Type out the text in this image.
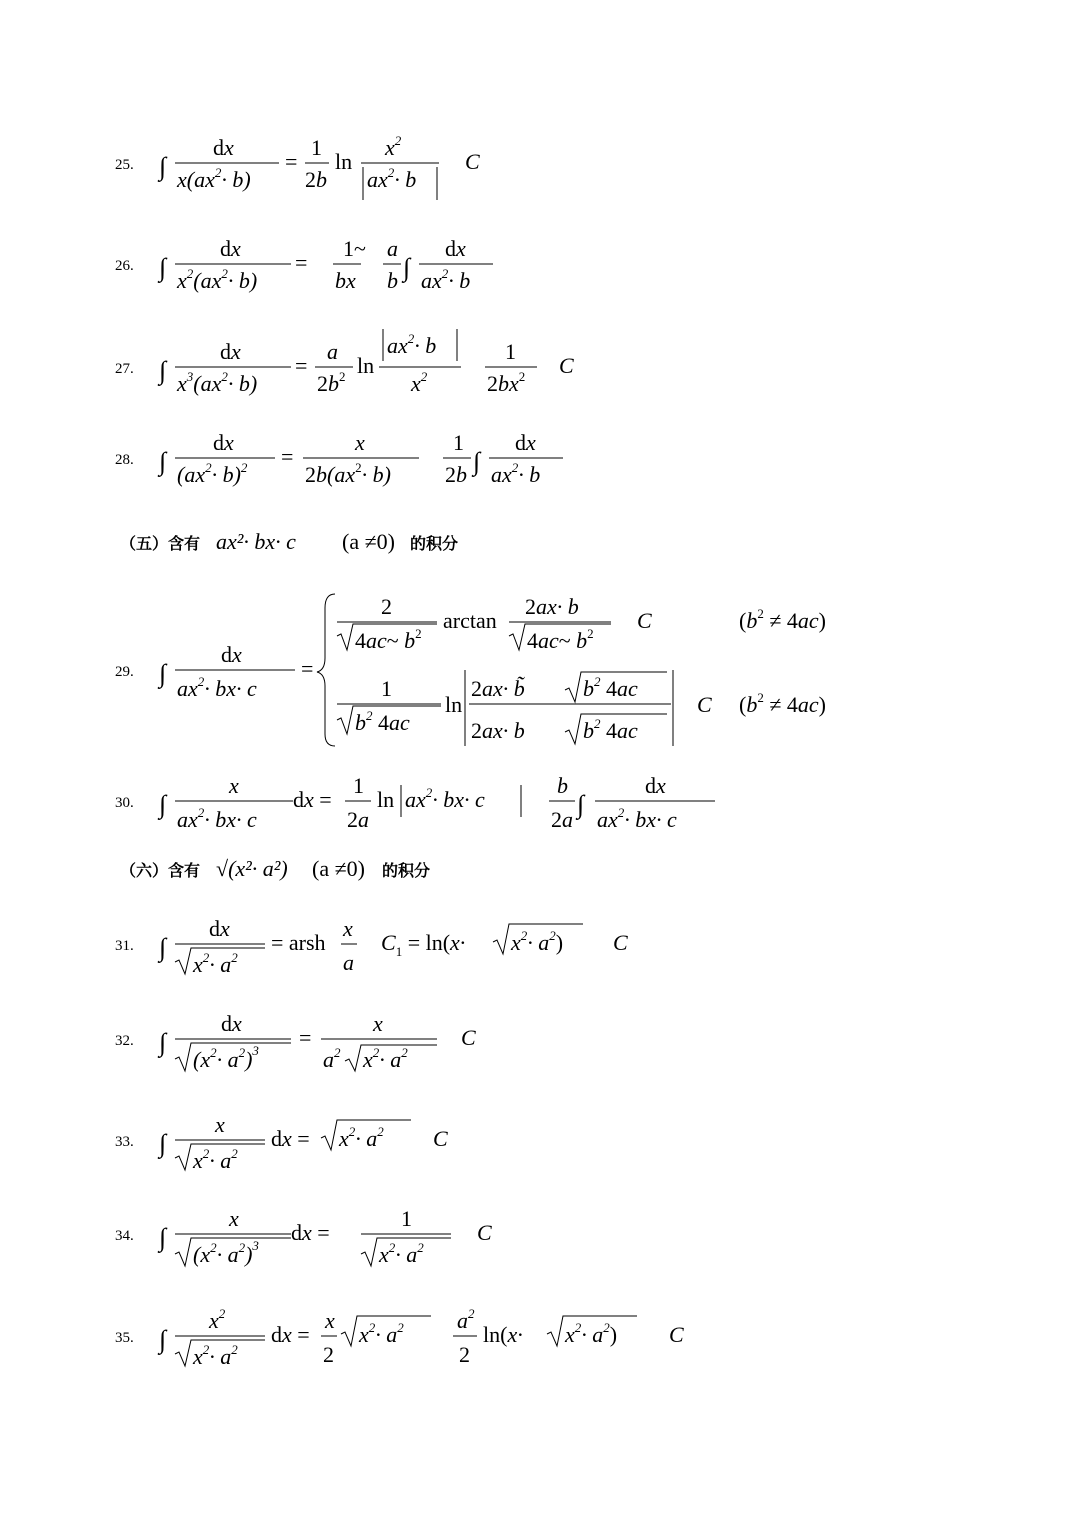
25. ∫
dx
$x(ax^2\cdot b)$
=
1
2b
ln
$x^2$
$ax^2\cdot b$
C
26. ∫
dx
$x^2(ax^2\cdot b)$
=
1~
bx
a
b ∫
dx
$ax^2\cdot b$
27. ∫
dx
$x^3(ax^2\cdot b)$
=
a
$2b^2$ ln
$ax^2\cdot b$
$x^2$
1
$2bx^2$ C
28. ∫
dx
$(ax^2\cdot b)^2$ =
x
$2b(ax^2\cdot b)$
1
2b ∫
dx
$ax^2\cdot b$
（五）含有 ax²· bx· c (a ≠0) 的积分
29. ∫
dx
$ax^2\cdot bx\cdot c$
=
2
4ac~ $b^2$
arctan
2ax· b
4ac~ $b^2$
C	$(b^2 \ne 4ac)$
1
$b^2$ 4ac
ln
2ax· b̃	$b^2$ 4ac
2ax· b	$b^2$ 4ac
C $(b^2 \ne 4ac)$
30. ∫
x
$ax^2\cdot bx\cdot c$
dx =
1
2a
$\ln ax^2\cdot bx\cdot c$
b
2a
∫
dx
$ax^2\cdot bx\cdot c$
（六）含有 √(x²· a²) (a ≠0) 的积分
31. ∫
dx
$x^2\cdot a^2$
= arsh
x
a
$C_1 = \ln(x\cdot x^2\cdot a^2)$ C
32. ∫
dx
$(x^2\cdot a^2)^3$
=
x
$a^2$ $x^2\cdot a^2$
C
33. ∫
x
$x^2\cdot a^2$
dx = $x^2\cdot a^2$ C
34. ∫
x
$(x^2\cdot a^2)^3$
dx =
1
$x^2\cdot a^2$
C
35. ∫
$x^2$
$x^2\cdot a^2$
dx =
x
2
$x^2\cdot a^2$ $a^2$
2
$\ln(x\cdot x^2\cdot a^2)$ C
